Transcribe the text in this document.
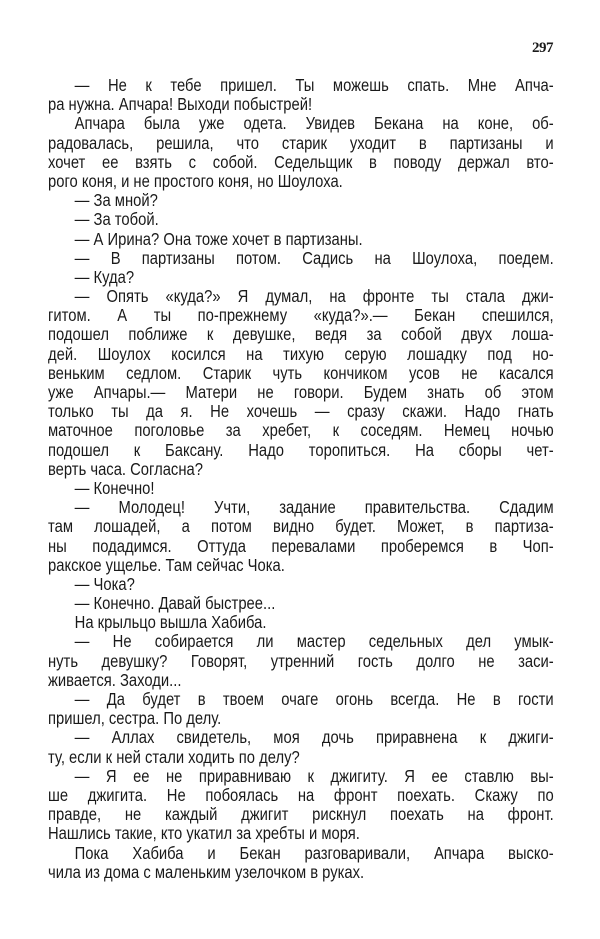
297
— Не к тебе пришел. Ты можешь спать. Мне Апча-
ра нужна. Апчара! Выходи побыстрей!
Апчара была уже одета. Увидев Бекана на коне, об-
радовалась, решила, что старик уходит в партизаны и
хочет ее взять с собой. Седельщик в поводу держал вто-
рого коня, и не простого коня, но Шоулоха.
— За мной?
— За тобой.
— А Ирина? Она тоже хочет в партизаны.
— В партизаны потом. Садись на Шоулоха, поедем.
— Куда?
— Опять «куда?» Я думал, на фронте ты стала джи-
гитом. А ты по-прежнему «куда?».— Бекан спешился,
подошел поближе к девушке, ведя за собой двух лоша-
дей. Шоулох косился на тихую серую лошадку под но-
веньким седлом. Старик чуть кончиком усов не касался
уже Апчары.— Матери не говори. Будем знать об этом
только ты да я. Не хочешь — сразу скажи. Надо гнать
маточное поголовье за хребет, к соседям. Немец ночью
подошел к Баксану. Надо торопиться. На сборы чет-
верть часа. Согласна?
— Конечно!
— Молодец! Учти, задание правительства. Сдадим
там лошадей, а потом видно будет. Может, в партиза-
ны подадимся. Оттуда перевалами проберемся в Чоп-
ракское ущелье. Там сейчас Чока.
— Чока?
— Конечно. Давай быстрее...
На крыльцо вышла Хабиба.
— Не собирается ли мастер седельных дел умык-
нуть девушку? Говорят, утренний гость долго не заси-
живается. Заходи...
— Да будет в твоем очаге огонь всегда. Не в гости
пришел, сестра. По делу.
— Аллах свидетель, моя дочь приравнена к джиги-
ту, если к ней стали ходить по делу?
— Я ее не приравниваю к джигиту. Я ее ставлю вы-
ше джигита. Не побоялась на фронт поехать. Скажу по
правде, не каждый джигит рискнул поехать на фронт.
Нашлись такие, кто укатил за хребты и моря.
Пока Хабиба и Бекан разговаривали, Апчара выско-
чила из дома с маленьким узелочком в руках.
